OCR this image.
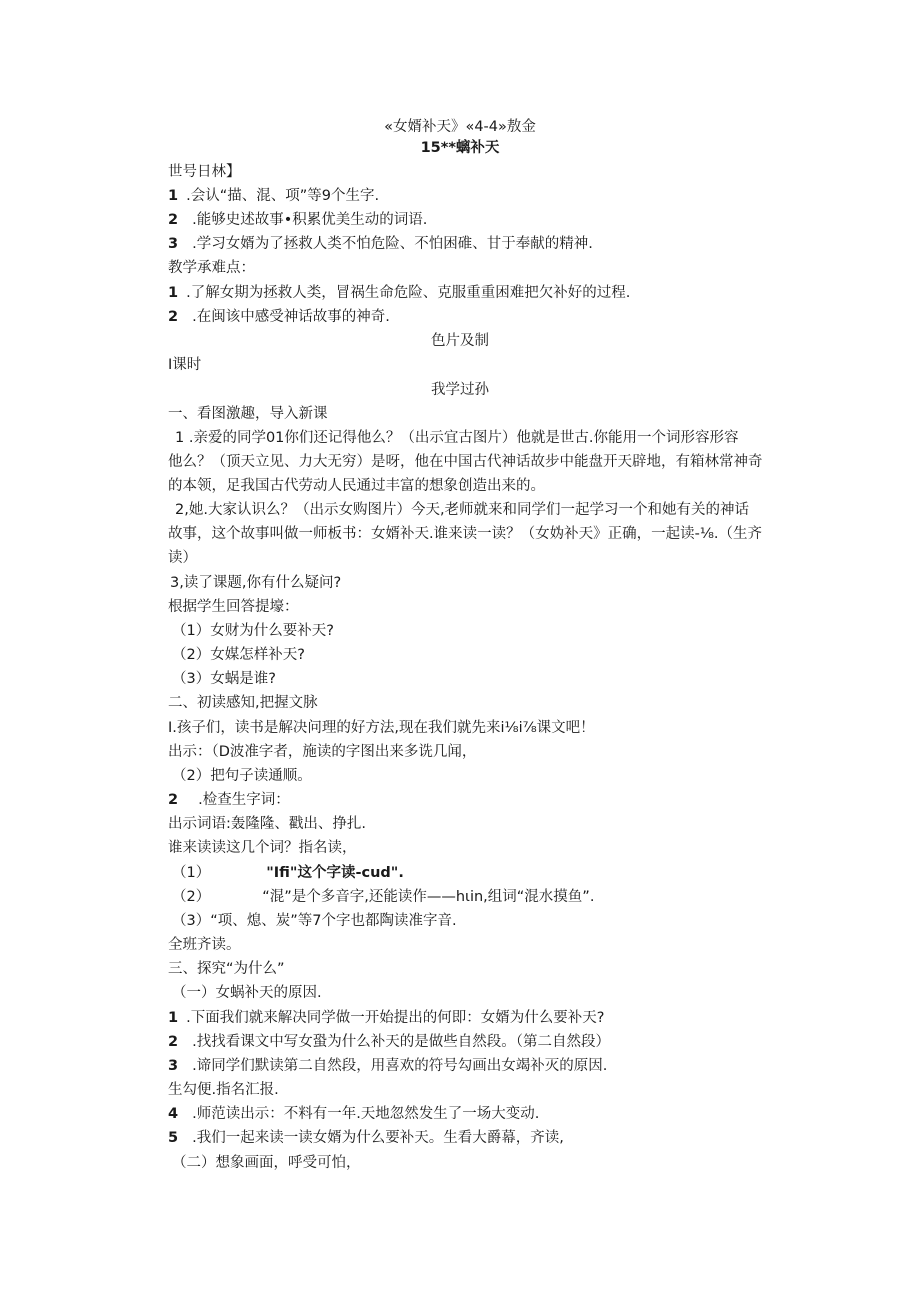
«女婿补天》«4-4»敖金
15**螭补天
世号日林】
1 .会认“描、混、项”等9个生字.
2 .能够史述故事•积累优美生动的词语.
3 .学习女婿为了拯救人类不怕危险、不怕困碓、甘于奉献的精神.
教学承难点：
1 .了解女期为拯救人类，冒祸生命危险、克服重重困难把欠补好的过程.
2 .在闽该中感受神话故事的神奇.
色片及制
I课时
我学过孙
一、看图激趣，导入新课
1 .亲爱的同学01你们还记得他么？（出示宜古图片）他就是世古.你能用一个词形容形容
他么？（顶天立见、力大无穷）是呀，他在中国古代神话故步中能盘开天辟地，有箱林常神奇
的本领，足我国古代劳动人民通过丰富的想象创造出来的。
2,她.大家认识么？（出示女购图片）今天,老师就来和同学们一起学习一个和她有关的神话
故事，这个故事叫做一师板书：女婿补天.谁来读一读？（女妫补天》正确，一起读-⅛.（生齐
读）
3,读了课题,你有什么疑问?
根据学生回答提壕：
（1）女财为什么要补天?
（2）女媒怎样补天?
（3）女蜗是谁?
二、初读感知,把握文脉
I.孩子们，读书是解决问理的好方法,现在我们就先来i⅛i⅞课文吧！
出示：（D波准字者，施读的字图出来多诜几闻，
（2）把句子读通顺。
2 .检查生字词：
出示词语:轰隆隆、戳出、挣扎.
谁来读读这几个词？指名读，
（1）	"Ifi"这个字读-cud".
（2）	“混”是个多音字,还能读作——hιin,组词“混水摸鱼”.
（3）“项、熄、炭”等7个字也都陶读准字音.
全班齐读。
三、探究“为什么”
（一）女蜗补天的原因.
1 .下面我们就来解决同学做一开始提出的何即：女婿为什么要补天?
2 .找找看课文中写女蛩为什么补天的是做些自然段。（第二自然段）
3 .谛同学们默读第二自然段，用喜欢的符号勾画出女竭补灭的原因.
生勾便.指名汇报.
4 .师范读出示：不料有一年.天地忽然发生了一场大变动.
5 .我们一起来读一读女婿为什么要补天。生看大爵幕，齐读,
（二）想象画面，呼受可怕，
